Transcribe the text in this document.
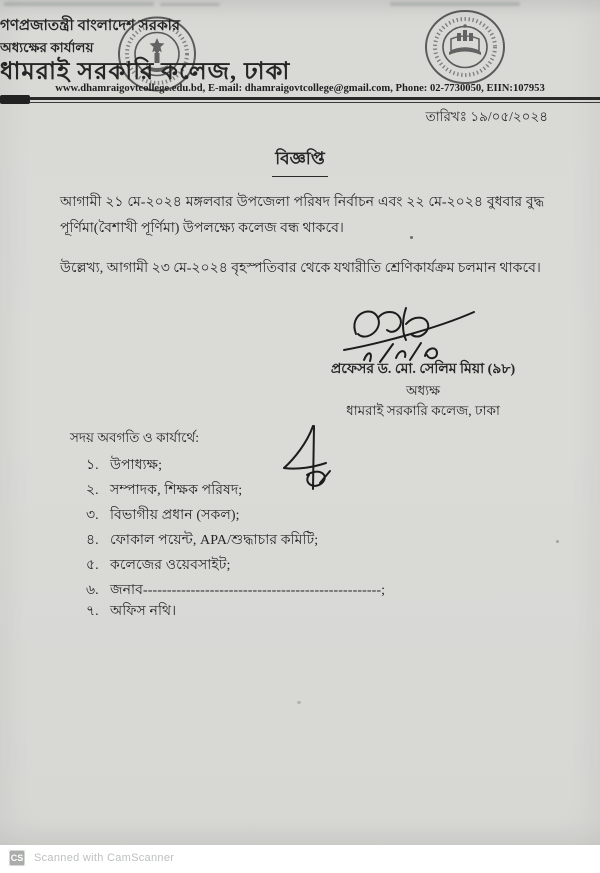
গণপ্রজাতন্ত্রী বাংলাদেশ সরকার
অধ্যক্ষের কার্যালয়
ধামরাই সরকারি কলেজ, ঢাকা
www.dhamraigovtcollege.edu.bd, E-mail: dhamraigovtcollege@gmail.com, Phone: 02-7730050, EIIN:107953
তারিখঃ ১৯/০৫/২০২৪
বিজ্ঞপ্তি
আগামী ২১ মে-২০২৪ মঙ্গলবার উপজেলা পরিষদ নির্বাচন এবং ২২ মে-২০২৪ বুধবার বুদ্ধ পূর্ণিমা(বৈশাখী পূর্ণিমা) উপলক্ষ্যে কলেজ বন্ধ থাকবে।
উল্লেখ্য, আগামী ২৩ মে-২০২৪ বৃহস্পতিবার থেকে যথারীতি শ্রেণিকার্যক্রম চলমান থাকবে।
প্রফেসর ড. মো. সেলিম মিয়া (৯৮)
অধ্যক্ষ
ধামরাই সরকারি কলেজ, ঢাকা
সদয় অবগতি ও কার্যার্থে:
১. উপাধ্যক্ষ;
২. সম্পাদক, শিক্ষক পরিষদ;
৩. বিভাগীয় প্রধান (সকল);
৪. ফোকাল পয়েন্ট, APA/শুদ্ধাচার কমিটি;
৫. কলেজের ওয়েবসাইট;
৬. জনাব--------------------------------------------------;
৭. অফিস নথি।
CS Scanned with CamScanner
